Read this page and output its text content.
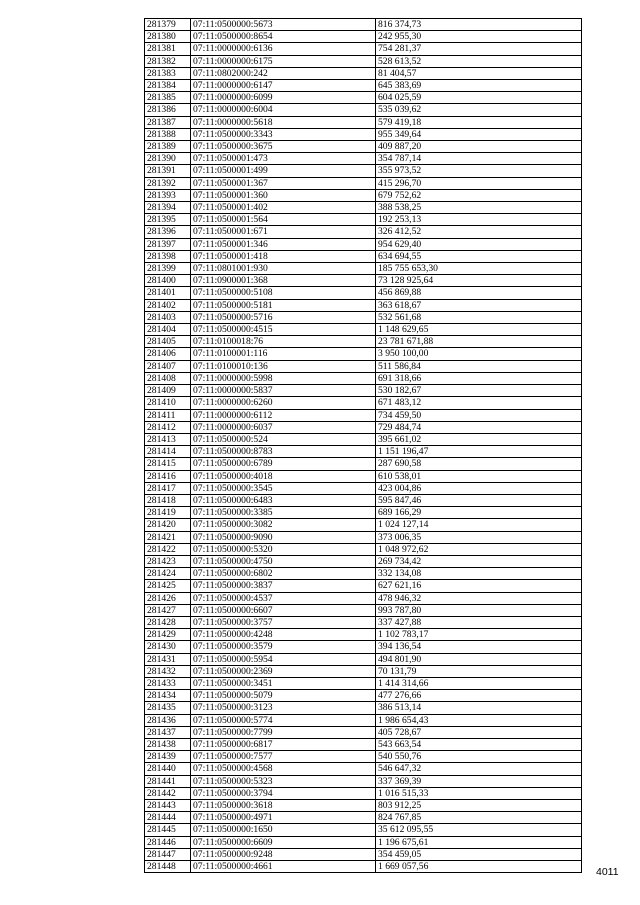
281379	07:11:0500000:5673	816 374,73
281380	07:11:0500000:8654	242 955,30
281381	07:11:0000000:6136	754 281,37
281382	07:11:0000000:6175	528 613,52
281383	07:11:0802000:242	81 404,57
281384	07:11:0000000:6147	645 383,69
281385	07:11:0000000:6099	604 025,59
281386	07:11:0000000:6004	535 039,62
281387	07:11:0000000:5618	579 419,18
281388	07:11:0500000:3343	955 349,64
281389	07:11:0500000:3675	409 887,20
281390	07:11:0500001:473	354 787,14
281391	07:11:0500001:499	355 973,52
281392	07:11:0500001:367	415 296,70
281393	07:11:0500001:360	679 752,62
281394	07:11:0500001:402	388 538,25
281395	07:11:0500001:564	192 253,13
281396	07:11:0500001:671	326 412,52
281397	07:11:0500001:346	954 629,40
281398	07:11:0500001:418	634 694,55
281399	07:11:0801001:930	185 755 653,30
281400	07:11:0900001:368	73 128 925,64
281401	07:11:0500000:5108	456 869,88
281402	07:11:0500000:5181	363 618,67
281403	07:11:0500000:5716	532 561,68
281404	07:11:0500000:4515	1 148 629,65
281405	07:11:0100018:76	23 781 671,88
281406	07:11:0100001:116	3 950 100,00
281407	07:11:0100010:136	511 586,84
281408	07:11:0000000:5998	691 318,66
281409	07:11:0000000:5837	530 182,67
281410	07:11:0000000:6260	671 483,12
281411	07:11:0000000:6112	734 459,50
281412	07:11:0000000:6037	729 484,74
281413	07:11:0500000:524	395 661,02
281414	07:11:0500000:8783	1 151 196,47
281415	07:11:0500000:6789	287 690,58
281416	07:11:0500000:4018	610 538,01
281417	07:11:0500000:3545	423 004,86
281418	07:11:0500000:6483	595 847,46
281419	07:11:0500000:3385	689 166,29
281420	07:11:0500000:3082	1 024 127,14
281421	07:11:0500000:9090	373 006,35
281422	07:11:0500000:5320	1 048 972,62
281423	07:11:0500000:4750	269 734,42
281424	07:11:0500000:6802	332 134,08
281425	07:11:0500000:3837	627 621,16
281426	07:11:0500000:4537	478 946,32
281427	07:11:0500000:6607	993 787,80
281428	07:11:0500000:3757	337 427,88
281429	07:11:0500000:4248	1 102 783,17
281430	07:11:0500000:3579	394 136,54
281431	07:11:0500000:5954	494 801,90
281432	07:11:0500000:2369	70 131,79
281433	07:11:0500000:3451	1 414 314,66
281434	07:11:0500000:5079	477 276,66
281435	07:11:0500000:3123	386 513,14
281436	07:11:0500000:5774	1 986 654,43
281437	07:11:0500000:7799	405 728,67
281438	07:11:0500000:6817	543 663,54
281439	07:11:0500000:7577	540 550,76
281440	07:11:0500000:4568	546 647,32
281441	07:11:0500000:5323	337 369,39
281442	07:11:0500000:3794	1 016 515,33
281443	07:11:0500000:3618	803 912,25
281444	07:11:0500000:4971	824 767,85
281445	07:11:0500000:1650	35 612 095,55
281446	07:11:0500000:6609	1 196 675,61
281447	07:11:0500000:9248	354 459,05
281448	07:11:0500000:4661	1 669 057,56	4011
